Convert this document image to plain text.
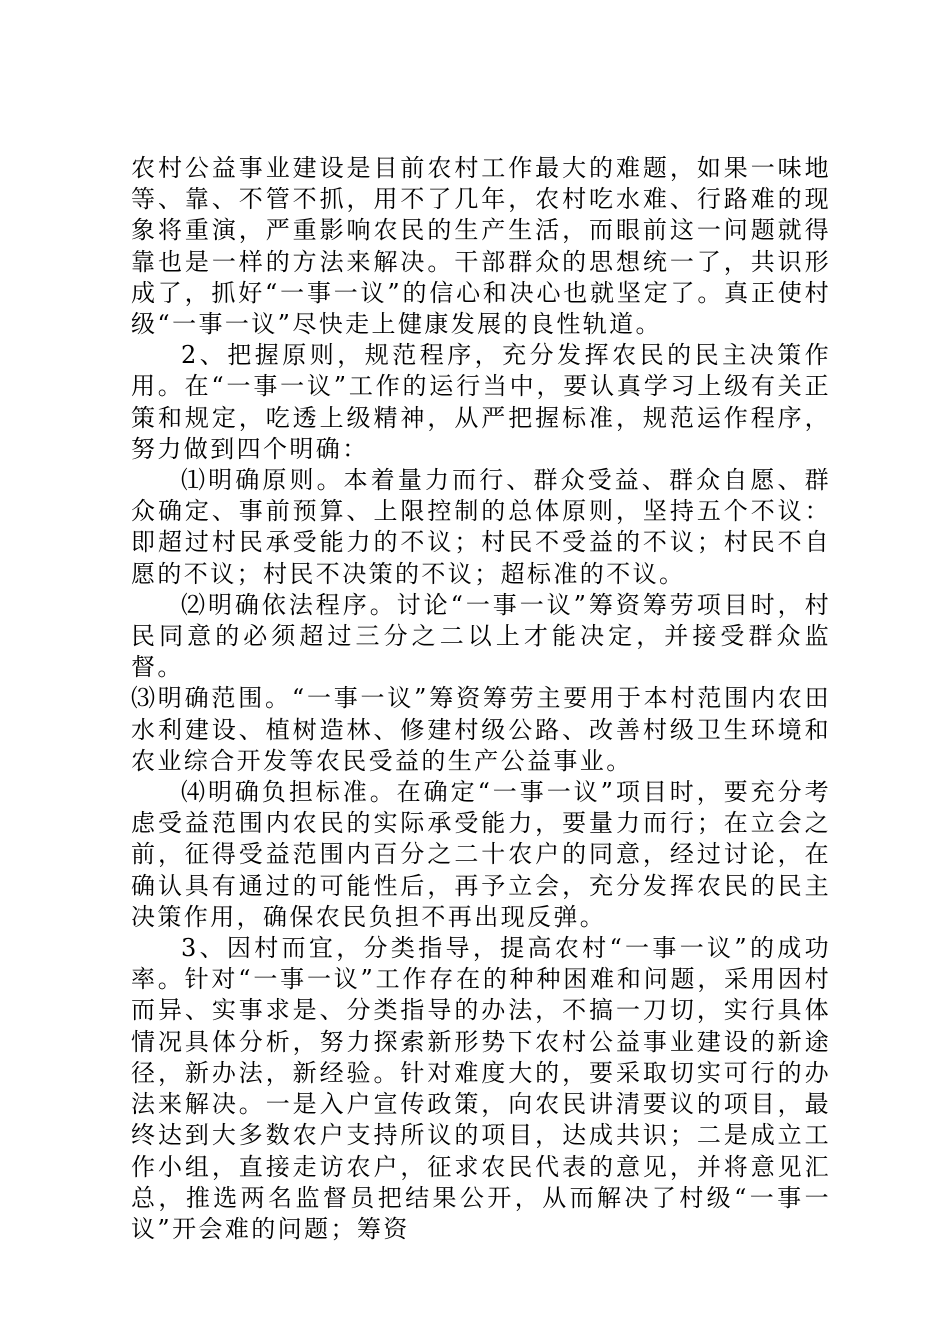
农村公益事业建设是目前农村工作最大的难题，如果一味地等、靠、不管不抓，用不了几年，农村吃水难、行路难的现象将重演，严重影响农民的生产生活，而眼前这一问题就得靠也是一样的方法来解决。干部群众的思想统一了，共识形成了，抓好“一事一议”的信心和决心也就坚定了。真正使村级“一事一议”尽快走上健康发展的良性轨道。

2、把握原则，规范程序，充分发挥农民的民主决策作用。在“一事一议”工作的运行当中，要认真学习上级有关正策和规定，吃透上级精神，从严把握标准，规范运作程序，努力做到四个明确：

⑴明确原则。本着量力而行、群众受益、群众自愿、群众确定、事前预算、上限控制的总体原则，坚持五个不议：即超过村民承受能力的不议；村民不受益的不议；村民不自愿的不议；村民不决策的不议；超标准的不议。

⑵明确依法程序。讨论“一事一议”筹资筹劳项目时，村民同意的必须超过三分之二以上才能决定，并接受群众监督。

⑶明确范围。“一事一议”筹资筹劳主要用于本村范围内农田水利建设、植树造林、修建村级公路、改善村级卫生环境和农业综合开发等农民受益的生产公益事业。

⑷明确负担标准。在确定“一事一议”项目时，要充分考虑受益范围内农民的实际承受能力，要量力而行；在立会之前，征得受益范围内百分之二十农户的同意，经过讨论，在确认具有通过的可能性后，再予立会，充分发挥农民的民主决策作用，确保农民负担不再出现反弹。

3、因村而宜，分类指导，提高农村“一事一议”的成功率。针对“一事一议”工作存在的种种困难和问题，采用因村而异、实事求是、分类指导的办法，不搞一刀切，实行具体情况具体分析，努力探索新形势下农村公益事业建设的新途径，新办法，新经验。针对难度大的，要采取切实可行的办法来解决。一是入户宣传政策，向农民讲清要议的项目，最终达到大多数农户支持所议的项目，达成共识；二是成立工作小组，直接走访农户，征求农民代表的意见，并将意见汇总，推选两名监督员把结果公开，从而解决了村级“一事一议”开会难的问题；筹资
